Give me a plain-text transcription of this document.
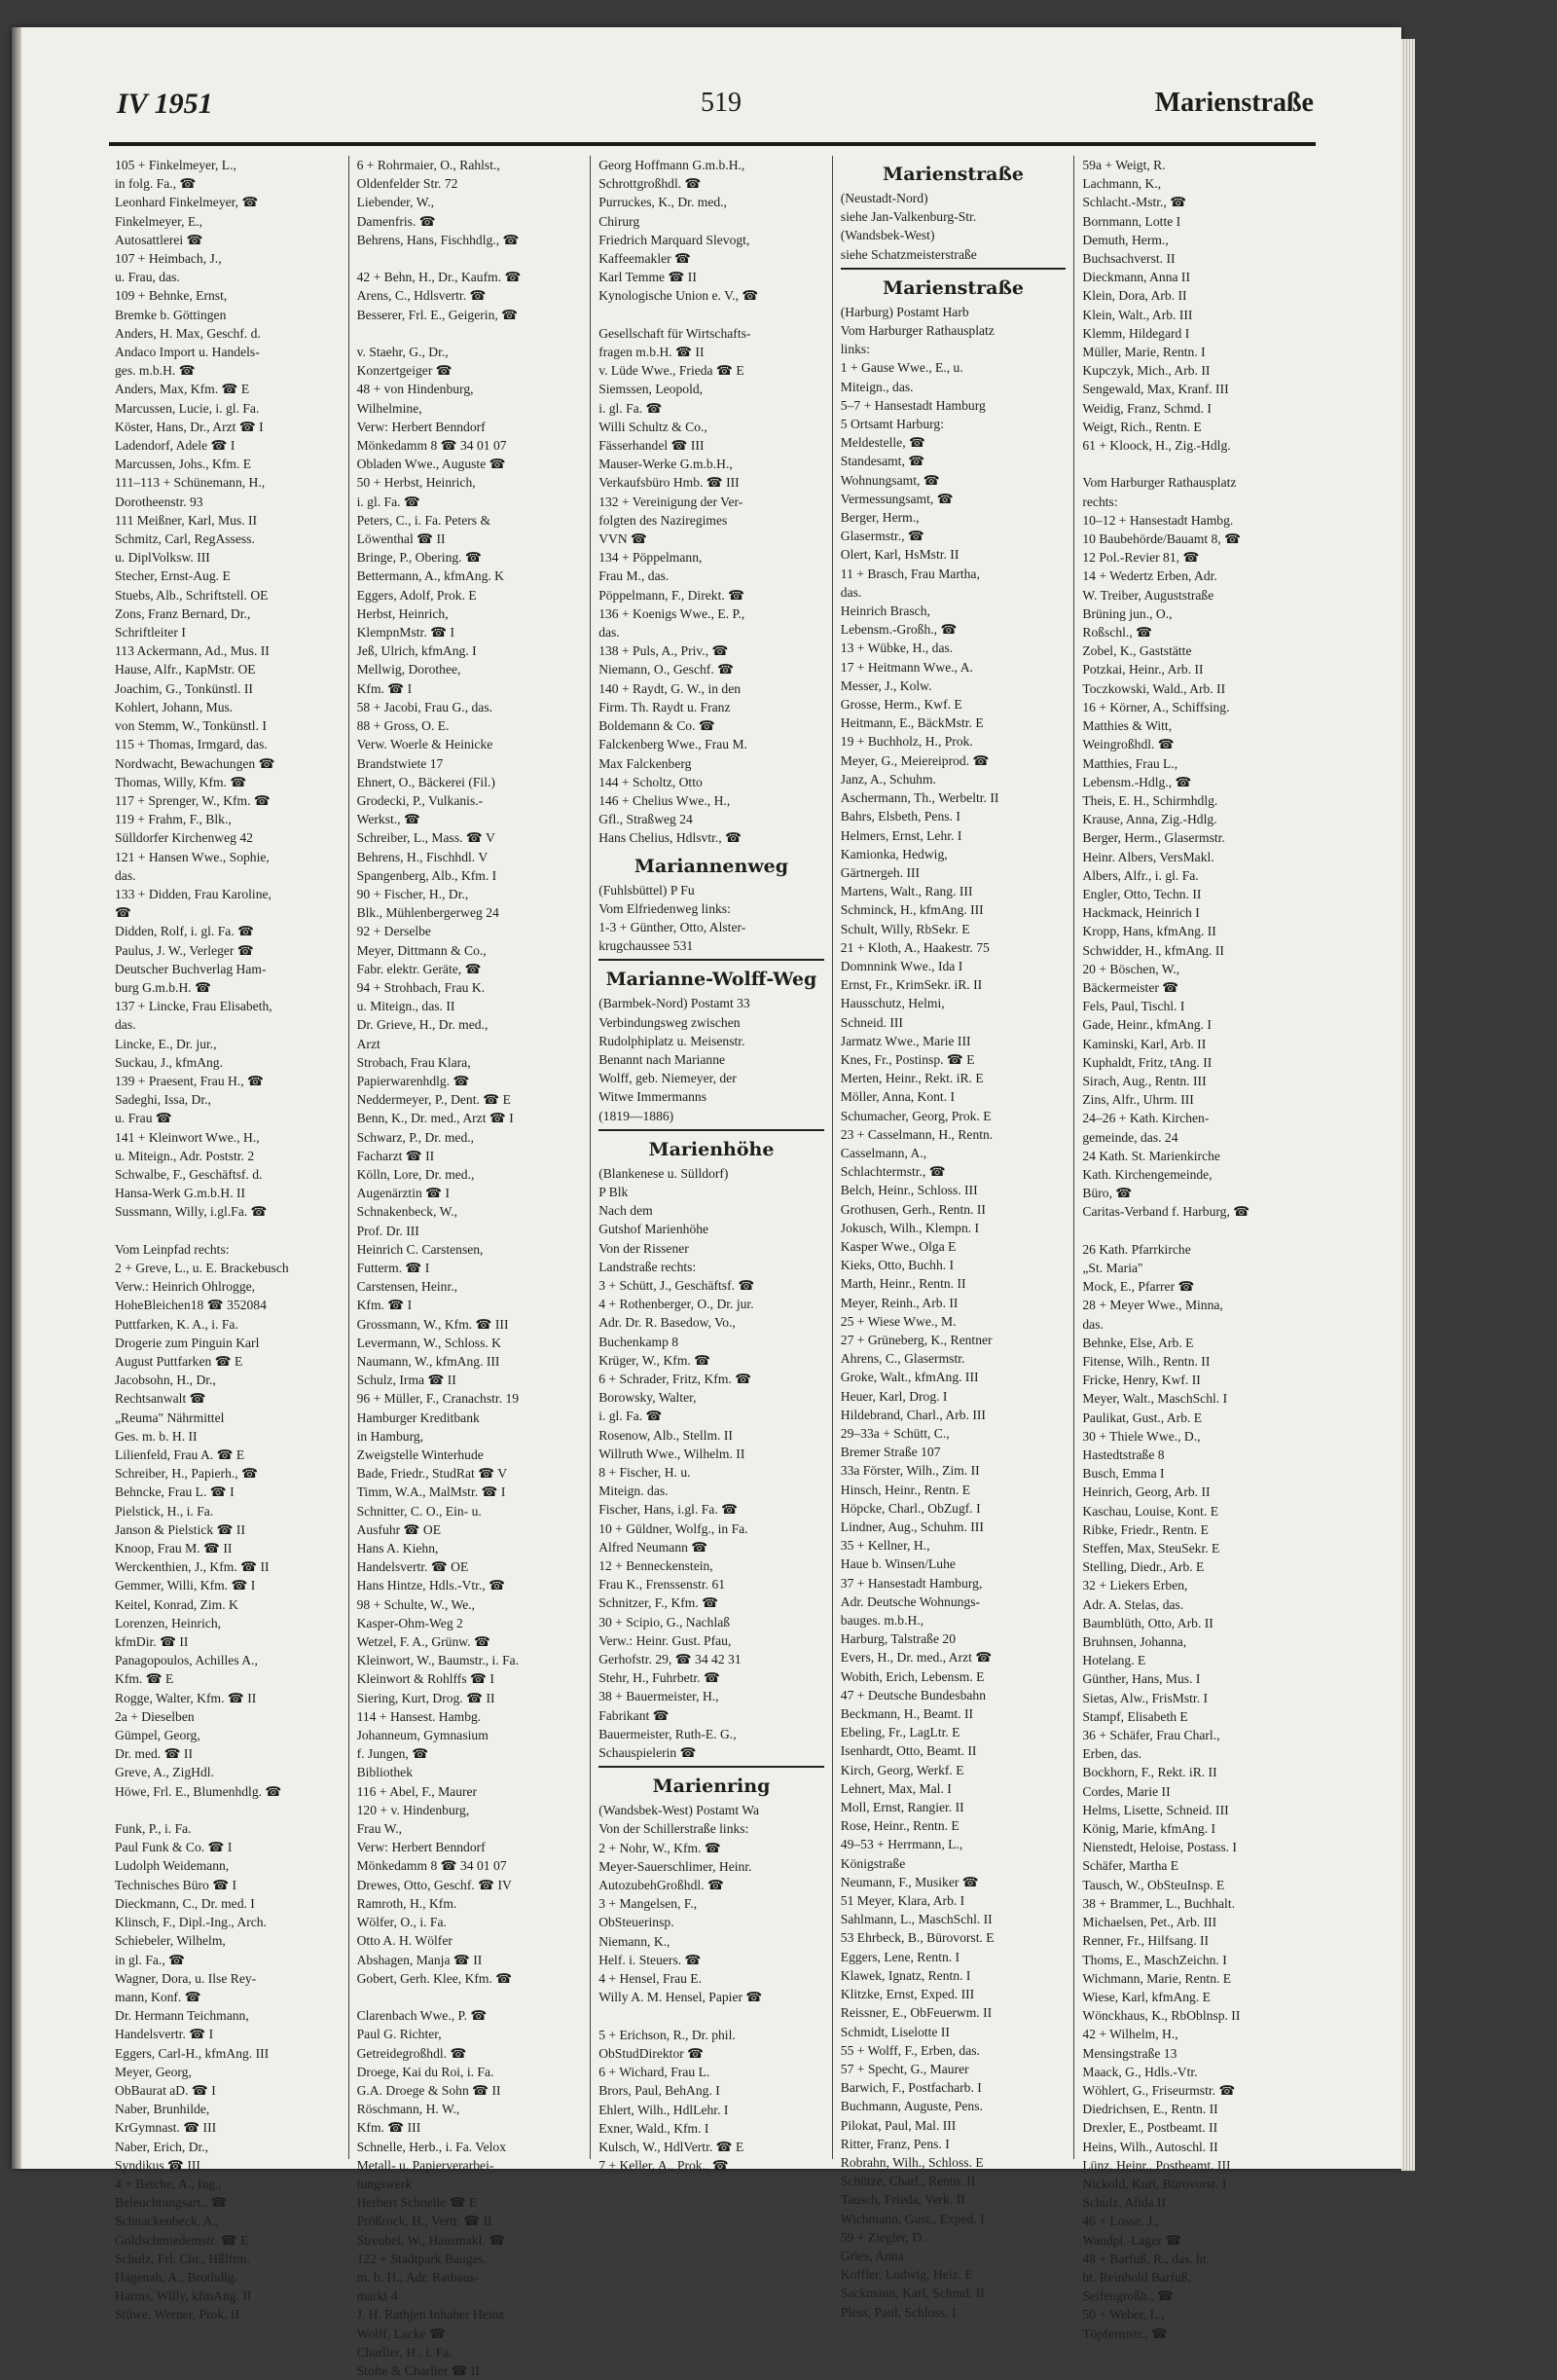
IV 1951	519	Marienstraße
105 + Finkelmeyer, L.,
in folg. Fa., ☎
Leonhard Finkelmeyer, ☎
Finkelmeyer, E.,
Autosattlerei ☎
107 + Heimbach, J.,
u. Frau, das.
109 + Behnke, Ernst,
Bremke b. Göttingen
Anders, H. Max, Geschf. d.
Andaco Import u. Handels-
ges. m.b.H. ☎
Anders, Max, Kfm. ☎ E
Marcussen, Lucie, i. gl. Fa.
Köster, Hans, Dr., Arzt ☎ I
Ladendorf, Adele ☎ I
Marcussen, Johs., Kfm. E
111–113 + Schünemann, H.,
Dorotheenstr. 93
111 Meißner, Karl, Mus. II
Schmitz, Carl, RegAssess.
u. DiplVolksw. III
Stecher, Ernst-Aug. E
Stuebs, Alb., Schriftstell. OE
Zons, Franz Bernard, Dr.,
Schriftleiter I
113 Ackermann, Ad., Mus. II
Hause, Alfr., KapMstr. OE
Joachim, G., Tonkünstl. II
Kohlert, Johann, Mus.
von Stemm, W., Tonkünstl. I
115 + Thomas, Irmgard, das.
Nordwacht, Bewachungen ☎
Thomas, Willy, Kfm. ☎
117 + Sprenger, W., Kfm. ☎
119 + Frahm, F., Blk.,
Sülldorfer Kirchenweg 42
121 + Hansen Wwe., Sophie,
das.
133 + Didden, Frau Karoline,
☎
Didden, Rolf, i. gl. Fa. ☎
Paulus, J. W., Verleger ☎
Deutscher Buchverlag Ham-
burg G.m.b.H. ☎
137 + Lincke, Frau Elisabeth,
das.
Lincke, E., Dr. jur.,
Suckau, J., kfmAng.
139 + Praesent, Frau H., ☎
Sadeghi, Issa, Dr.,
u. Frau ☎
141 + Kleinwort Wwe., H.,
u. Miteign., Adr. Poststr. 2
Schwalbe, F., Geschäftsf. d.
Hansa-Werk G.m.b.H. II
Sussmann, Willy, i.gl.Fa. ☎

Vom Leinpfad rechts:
2 + Greve, L., u. E. Brackebusch
Verw.: Heinrich Ohlrogge,
HoheBleichen18 ☎ 352084
Puttfarken, K. A., i. Fa.
Drogerie zum Pinguin Karl
August Puttfarken ☎ E
Jacobsohn, H., Dr.,
Rechtsanwalt ☎
„Reuma" Nährmittel
Ges. m. b. H. II
Lilienfeld, Frau A. ☎ E
Schreiber, H., Papierh., ☎
Behncke, Frau L. ☎ I
Pielstick, H., i. Fa.
Janson & Pielstick ☎ II
Knoop, Frau M. ☎ II
Werckenthien, J., Kfm. ☎ II
Gemmer, Willi, Kfm. ☎ I
Keitel, Konrad, Zim. K
Lorenzen, Heinrich,
kfmDir. ☎ II
Panagopoulos, Achilles A.,
Kfm. ☎ E
Rogge, Walter, Kfm. ☎ II
2a + Dieselben
Gümpel, Georg,
Dr. med. ☎ II
Greve, A., ZigHdl.
Höwe, Frl. E., Blumenhdlg. ☎

Funk, P., i. Fa.
Paul Funk & Co. ☎ I
Ludolph Weidemann,
Technisches Büro ☎ I
Dieckmann, C., Dr. med. I
Klinsch, F., Dipl.-Ing., Arch.
Schiebeler, Wilhelm,
in gl. Fa., ☎
Wagner, Dora, u. Ilse Rey-
mann, Konf. ☎
Dr. Hermann Teichmann,
Handelsvertr. ☎ I
Eggers, Carl-H., kfmAng. III
Meyer, Georg,
ObBaurat aD. ☎ I
Naber, Brunhilde,
KrGymnast. ☎ III
Naber, Erich, Dr.,
Syndikus ☎ III
4 + Betche, A., Ing.,
Beleuchtungsart., ☎
Schnackenbeck, A.,
Goldschmiedemstr. ☎ E
Schulz, Frl. Chr., Hßlftm.
Hagenah, A., Brothdlg.
Harms, Willy, kfmAng. II
Stüwe, Werner, Prok. II
6 + Rohrmaier, O., Rahlst.,
Oldenfelder Str. 72
Liebender, W.,
Damenfris. ☎
Behrens, Hans, Fischhdlg., ☎

42 + Behn, H., Dr., Kaufm. ☎
Arens, C., Hdlsvertr. ☎
Besserer, Frl. E., Geigerin, ☎

v. Staehr, G., Dr.,
Konzertgeiger ☎
48 + von Hindenburg,
Wilhelmine,
Verw: Herbert Benndorf
Mönkedamm 8 ☎ 34 01 07
Obladen Wwe., Auguste ☎
50 + Herbst, Heinrich,
i. gl. Fa. ☎
Peters, C., i. Fa. Peters &
Löwenthal ☎ II
Bringe, P., Obering. ☎
Bettermann, A., kfmAng. K
Eggers, Adolf, Prok. E
Herbst, Heinrich,
KlempnMstr. ☎ I
Jeß, Ulrich, kfmAng. I
Mellwig, Dorothee,
Kfm. ☎ I
58 + Jacobi, Frau G., das.
88 + Gross, O. E.
Verw. Woerle & Heinicke
Brandstwiete 17
Ehnert, O., Bäckerei (Fil.)
Grodecki, P., Vulkanis.-
Werkst., ☎
Schreiber, L., Mass. ☎ V
Behrens, H., Fischhdl. V
Spangenberg, Alb., Kfm. I
90 + Fischer, H., Dr.,
Blk., Mühlenbergerweg 24
92 + Derselbe
Meyer, Dittmann & Co.,
Fabr. elektr. Geräte, ☎
94 + Strohbach, Frau K.
u. Miteign., das. II
Dr. Grieve, H., Dr. med.,
Arzt
Strobach, Frau Klara,
Papierwarenhdlg. ☎
Neddermeyer, P., Dent. ☎ E
Benn, K., Dr. med., Arzt ☎ I
Schwarz, P., Dr. med.,
Facharzt ☎ II
Kölln, Lore, Dr. med.,
Augenärztin ☎ I
Schnakenbeck, W.,
Prof. Dr. III
Heinrich C. Carstensen,
Futterm. ☎ I
Carstensen, Heinr.,
Kfm. ☎ I
Grossmann, W., Kfm. ☎ III
Levermann, W., Schloss. K
Naumann, W., kfmAng. III
Schulz, Irma ☎ II
96 + Müller, F., Cranachstr. 19
Hamburger Kreditbank
in Hamburg,
Zweigstelle Winterhude
Bade, Friedr., StudRat ☎ V
Timm, W.A., MalMstr. ☎ I
Schnitter, C. O., Ein- u.
Ausfuhr ☎ OE
Hans A. Kiehn,
Handelsvertr. ☎ OE
Hans Hintze, Hdls.-Vtr., ☎
98 + Schulte, W., We.,
Kasper-Ohm-Weg 2
Wetzel, F. A., Grünw. ☎
Kleinwort, W., Baumstr., i. Fa.
Kleinwort & Rohlffs ☎ I
Siering, Kurt, Drog. ☎ II
114 + Hansest. Hambg.
Johanneum, Gymnasium
f. Jungen, ☎
Bibliothek
116 + Abel, F., Maurer
120 + v. Hindenburg,
Frau W.,
Verw: Herbert Benndorf
Mönkedamm 8 ☎ 34 01 07
Drewes, Otto, Geschf. ☎ IV
Ramroth, H., Kfm.
Wölfer, O., i. Fa.
Otto A. H. Wölfer
Abshagen, Manja ☎ II
Gobert, Gerh. Klee, Kfm. ☎

Clarenbach Wwe., P. ☎
Paul G. Richter,
Getreidegroßhdl. ☎
Droege, Kai du Roi, i. Fa.
G.A. Droege & Sohn ☎ II
Röschmann, H. W.,
Kfm. ☎ III
Schnelle, Herb., i. Fa. Velox
Metall- u. Papierverarbei-
tungswerk
Herbert Schnelle ☎ E
Prößrock, H., Vertr. ☎ II
Streubel, W., Hausmakl. ☎
122 + Stadtpark Bauges.
m. b. H., Adr. Rathaus-
markt 4
J. H. Rathjen Inhaber Heinz
Wolff, Lacke ☎
Charlier, H., i. Fa.
Stolte & Charlier ☎ II
Georg Hoffmann G.m.b.H.,
Schrottgroßhdl. ☎
Purruckes, K., Dr. med.,
Chirurg
Friedrich Marquard Slevogt,
Kaffeemakler ☎
Karl Temme ☎ II
Kynologische Union e. V., ☎

Gesellschaft für Wirtschafts-
fragen m.b.H. ☎ II
v. Lüde Wwe., Frieda ☎ E
Siemssen, Leopold,
i. gl. Fa. ☎
Willi Schultz & Co.,
Fässerhandel ☎ III
Mauser-Werke G.m.b.H.,
Verkaufsbüro Hmb. ☎ III
132 + Vereinigung der Ver-
folgten des Naziregimes
VVN ☎
134 + Pöppelmann,
Frau M., das.
Pöppelmann, F., Direkt. ☎
136 + Koenigs Wwe., E. P.,
das.
138 + Puls, A., Priv., ☎
Niemann, O., Geschf. ☎
140 + Raydt, G. W., in den
Firm. Th. Raydt u. Franz
Boldemann & Co. ☎
Falckenberg Wwe., Frau M.
Max Falckenberg
144 + Scholtz, Otto
146 + Chelius Wwe., H.,
Gfl., Straßweg 24
Hans Chelius, Hdlsvtr., ☎
Mariannenweg
(Fuhlsbüttel) P Fu
Vom Elfriedenweg links:
1-3 + Günther, Otto, Alster-
krugchaussee 531
Marianne-Wolff-Weg
(Barmbek-Nord) Postamt 33
Verbindungsweg zwischen
Rudolphiplatz u. Meisenstr.
Benannt nach Marianne
Wolff, geb. Niemeyer, der
Witwe Immermanns
(1819—1886)
Marienhöhe
(Blankenese u. Sülldorf)
P Blk
Nach dem
Gutshof Marienhöhe
Von der Rissener
Landstraße rechts:
3 + Schütt, J., Geschäftsf. ☎
4 + Rothenberger, O., Dr. jur.
Adr. Dr. R. Basedow, Vo.,
Buchenkamp 8
Krüger, W., Kfm. ☎
6 + Schrader, Fritz, Kfm. ☎
Borowsky, Walter,
i. gl. Fa. ☎
Rosenow, Alb., Stellm. II
Willruth Wwe., Wilhelm. II
8 + Fischer, H. u.
Miteign. das.
Fischer, Hans, i.gl. Fa. ☎
10 + Güldner, Wolfg., in Fa.
Alfred Neumann ☎
12 + Benneckenstein,
Frau K., Frenssenstr. 61
Schnitzer, F., Kfm. ☎
30 + Scipio, G., Nachlaß
Verw.: Heinr. Gust. Pfau,
Gerhofstr. 29, ☎ 34 42 31
Stehr, H., Fuhrbetr. ☎
38 + Bauermeister, H.,
Fabrikant ☎
Bauermeister, Ruth-E. G.,
Schauspielerin ☎
Marienring
(Wandsbek-West) Postamt Wa
Von der Schillerstraße links:
2 + Nohr, W., Kfm. ☎
Meyer-Sauerschlimer, Heinr.
AutozubehGroßhdl. ☎
3 + Mangelsen, F.,
ObSteuerinsp.
Niemann, K.,
Helf. i. Steuers. ☎
4 + Hensel, Frau E.
Willy A. M. Hensel, Papier ☎

5 + Erichson, R., Dr. phil.
ObStudDirektor ☎
6 + Wichard, Frau L.
Brors, Paul, BehAng. I
Ehlert, Wilh., HdlLehr. I
Exner, Wald., Kfm. I
Kulsch, W., HdlVertr. ☎ E
7 + Keller, A., Prok., ☎
Marienstraße
(Neustadt-Nord)
siehe Jan-Valkenburg-Str.
(Wandsbek-West)
siehe Schatzmeisterstraße
Marienstraße
(Harburg) Postamt Harb
Vom Harburger Rathausplatz
links:
1 + Gause Wwe., E., u.
Miteign., das.
5–7 + Hansestadt Hamburg
5 Ortsamt Harburg:
Meldestelle, ☎
Standesamt, ☎
Wohnungsamt, ☎
Vermessungsamt, ☎
Berger, Herm.,
Glasermstr., ☎
Olert, Karl, HsMstr. II
11 + Brasch, Frau Martha,
das.
Heinrich Brasch,
Lebensm.-Großh., ☎
13 + Wübke, H., das.
17 + Heitmann Wwe., A.
Messer, J., Kolw.
Grosse, Herm., Kwf. E
Heitmann, E., BäckMstr. E
19 + Buchholz, H., Prok.
Meyer, G., Meiereiprod. ☎
Janz, A., Schuhm.
Aschermann, Th., Werbeltr. II
Bahrs, Elsbeth, Pens. I
Helmers, Ernst, Lehr. I
Kamionka, Hedwig,
Gärtnergeh. III
Martens, Walt., Rang. III
Schminck, H., kfmAng. III
Schult, Willy, RbSekr. E
21 + Kloth, A., Haakestr. 75
Domnnink Wwe., Ida I
Ernst, Fr., KrimSekr. iR. II
Hausschutz, Helmi,
Schneid. III
Jarmatz Wwe., Marie III
Knes, Fr., Postinsp. ☎ E
Merten, Heinr., Rekt. iR. E
Möller, Anna, Kont. I
Schumacher, Georg, Prok. E
23 + Casselmann, H., Rentn.
Casselmann, A.,
Schlachtermstr., ☎
Belch, Heinr., Schloss. III
Grothusen, Gerh., Rentn. II
Jokusch, Wilh., Klempn. I
Kasper Wwe., Olga E
Kieks, Otto, Buchh. I
Marth, Heinr., Rentn. II
Meyer, Reinh., Arb. II
25 + Wiese Wwe., M.
27 + Grüneberg, K., Rentner
Ahrens, C., Glasermstr.
Groke, Walt., kfmAng. III
Heuer, Karl, Drog. I
Hildebrand, Charl., Arb. III
29–33a + Schütt, C.,
Bremer Straße 107
33a Förster, Wilh., Zim. II
Hinsch, Heinr., Rentn. E
Höpcke, Charl., ObZugf. I
Lindner, Aug., Schuhm. III
35 + Kellner, H.,
Haue b. Winsen/Luhe
37 + Hansestadt Hamburg,
Adr. Deutsche Wohnungs-
bauges. m.b.H.,
Harburg, Talstraße 20
Evers, H., Dr. med., Arzt ☎
Wobith, Erich, Lebensm. E
47 + Deutsche Bundesbahn
Beckmann, H., Beamt. II
Ebeling, Fr., LagLtr. E
Isenhardt, Otto, Beamt. II
Kirch, Georg, Werkf. E
Lehnert, Max, Mal. I
Moll, Ernst, Rangier. II
Rose, Heinr., Rentn. E
49–53 + Herrmann, L.,
Königstraße
Neumann, F., Musiker ☎
51 Meyer, Klara, Arb. I
Sahlmann, L., MaschSchl. II
53 Ehrbeck, B., Bürovorst. E
Eggers, Lene, Rentn. I
Klawek, Ignatz, Rentn. I
Klitzke, Ernst, Exped. III
Reissner, E., ObFeuerwm. II
Schmidt, Liselotte II
55 + Wolff, F., Erben, das.
57 + Specht, G., Maurer
Barwich, F., Postfacharb. I
Buchmann, Auguste, Pens.
Pilokat, Paul, Mal. III
Ritter, Franz, Pens. I
Robrahn, Wilh., Schloss. E
Schütze, Charl., Rentn. II
Tausch, Frieda, Verk. II
Wichmann, Gust., Exped. I
59 + Ziegler, D.
Gries, Anna
Koffler, Ludwig, Heiz. E
Sackmann, Karl, Schmd. II
Pless, Paul, Schloss. I
59a + Weigt, R.
Lachmann, K.,
Schlacht.-Mstr., ☎
Bornmann, Lotte I
Demuth, Herm.,
Buchsachverst. II
Dieckmann, Anna II
Klein, Dora, Arb. II
Klein, Walt., Arb. III
Klemm, Hildegard I
Müller, Marie, Rentn. I
Kupczyk, Mich., Arb. II
Sengewald, Max, Kranf. III
Weidig, Franz, Schmd. I
Weigt, Rich., Rentn. E
61 + Kloock, H., Zig.-Hdlg.

Vom Harburger Rathausplatz
rechts:
10–12 + Hansestadt Hambg.
10 Baubehörde/Bauamt 8, ☎
12 Pol.-Revier 81, ☎
14 + Wedertz Erben, Adr.
W. Treiber, Auguststraße
Brüning jun., O.,
Roßschl., ☎
Zobel, K., Gaststätte
Potzkai, Heinr., Arb. II
Toczkowski, Wald., Arb. II
16 + Körner, A., Schiffsing.
Matthies & Witt,
Weingroßhdl. ☎
Matthies, Frau L.,
Lebensm.-Hdlg., ☎
Theis, E. H., Schirmhdlg.
Krause, Anna, Zig.-Hdlg.
Berger, Herm., Glasermstr.
Heinr. Albers, VersMakl.
Albers, Alfr., i. gl. Fa.
Engler, Otto, Techn. II
Hackmack, Heinrich I
Kropp, Hans, kfmAng. II
Schwidder, H., kfmAng. II
20 + Böschen, W.,
Bäckermeister ☎
Fels, Paul, Tischl. I
Gade, Heinr., kfmAng. I
Kaminski, Karl, Arb. II
Kuphaldt, Fritz, tAng. II
Sirach, Aug., Rentn. III
Zins, Alfr., Uhrm. III
24–26 + Kath. Kirchen-
gemeinde, das. 24
24 Kath. St. Marienkirche
Kath. Kirchengemeinde,
Büro, ☎
Caritas-Verband f. Harburg, ☎

26 Kath. Pfarrkirche
„St. Maria"
Mock, E., Pfarrer ☎
28 + Meyer Wwe., Minna,
das.
Behnke, Else, Arb. E
Fitense, Wilh., Rentn. II
Fricke, Henry, Kwf. II
Meyer, Walt., MaschSchl. I
Paulikat, Gust., Arb. E
30 + Thiele Wwe., D.,
Hastedtstraße 8
Busch, Emma I
Heinrich, Georg, Arb. II
Kaschau, Louise, Kont. E
Ribke, Friedr., Rentn. E
Steffen, Max, SteuSekr. E
Stelling, Diedr., Arb. E
32 + Liekers Erben,
Adr. A. Stelas, das.
Baumblüth, Otto, Arb. II
Bruhnsen, Johanna,
Hotelang. E
Günther, Hans, Mus. I
Sietas, Alw., FrisMstr. I
Stampf, Elisabeth E
36 + Schäfer, Frau Charl.,
Erben, das.
Bockhorn, F., Rekt. iR. II
Cordes, Marie II
Helms, Lisette, Schneid. III
König, Marie, kfmAng. I
Nienstedt, Heloise, Postass. I
Schäfer, Martha E
Tausch, W., ObSteuInsp. E
38 + Brammer, L., Buchhalt.
Michaelsen, Pet., Arb. III
Renner, Fr., Hilfsang. II
Thoms, E., MaschZeichn. I
Wichmann, Marie, Rentn. E
Wiese, Karl, kfmAng. E
Wönckhaus, K., RbOblnsp. II
42 + Wilhelm, H.,
Mensingstraße 13
Maack, G., Hdls.-Vtr.
Wöhlert, G., Friseurmstr. ☎
Diedrichsen, E., Rentn. II
Drexler, E., Postbeamt. II
Heins, Wilh., Autoschl. II
Lünz, Heinr., Postbeamt. III
Nickold, Kurt, Bürovorst. I
Schulz, Alida II
46 + Losse, J.,
Wandpl.-Lager ☎
48 + Barfuß, R., das. ht.
ht. Reinhold Barfuß,
Seifengroßh., ☎
50 + Weber, L.,
Töpfermstr., ☎
